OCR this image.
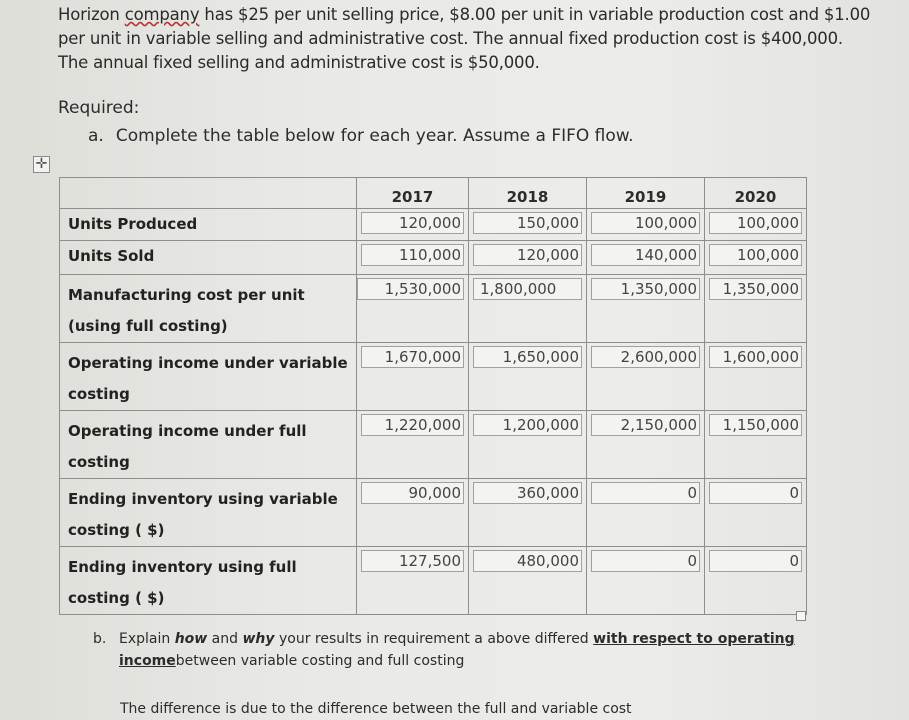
Horizon company has $25 per unit selling price, $8.00 per unit in variable production cost and $1.00 per unit in variable selling and administrative cost. The annual fixed production cost is $400,000. The annual fixed selling and administrative cost is $50,000.
Required:
a. Complete the table below for each year. Assume a FIFO flow.
✛
	2017	2018	2019	2020
Units Produced	120,000	150,000	100,000	100,000

Units Sold	110,000	120,000	140,000	100,000

Manufacturing cost per unit (using full costing)	1,530,000	1,800,000	1,350,000	1,350,000

Operating income under variable costing	1,670,000	1,650,000	2,600,000	1,600,000

Operating income under full costing	1,220,000	1,200,000	2,150,000	1,150,000

Ending inventory using variable costing ( $)	90,000	360,000	0	0

Ending inventory using full costing ( $)	127,500	480,000	0	0
b. Explain how and why your results in requirement a above differed with respect to operating incomebetween variable costing and full costing
The difference is due to the difference between the full and variable cost
